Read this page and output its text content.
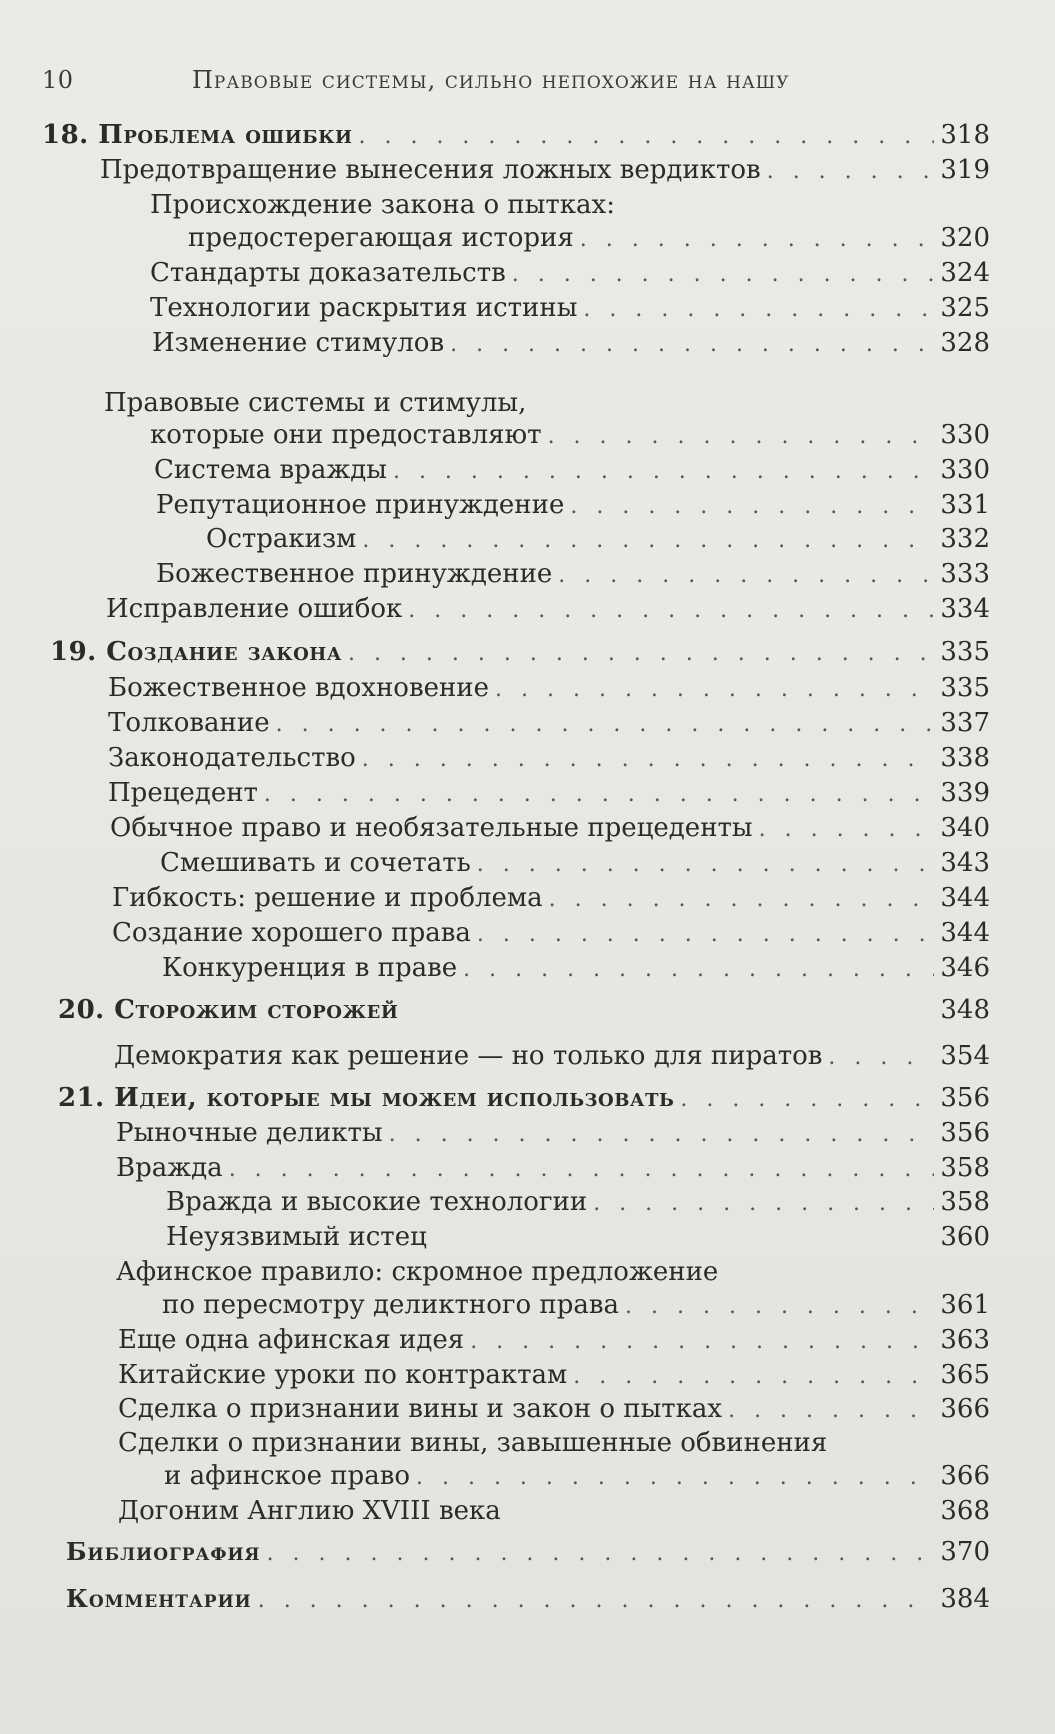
10	Правовые системы, сильно непохожие на нашу
18. Проблема ошибки . . .	318
Предотвращение вынесения ложных вердиктов . . .	319
Происхождение закона о пытках:
предостерегающая история . . .	320
Стандарты доказательств . . .	324
Технологии раскрытия истины . . .	325
Изменение стимулов . . .	328
Правовые системы и стимулы,
которые они предоставляют . . .	330
Система вражды . . .	330
Репутационное принуждение . . .	331
Остракизм . . .	332
Божественное принуждение . . .	333
Исправление ошибок . . .	334
19. Создание закона . . .	335
Божественное вдохновение . . .	335
Толкование . . .	337
Законодательство . . .	338
Прецедент . . .	339
Обычное право и необязательные прецеденты . . .	340
Смешивать и сочетать . . .	343
Гибкость: решение и проблема . . .	344
Создание хорошего права . . .	344
Конкуренция в праве . . .	346
20. Сторожим сторожей	348
Демократия как решение — но только для пиратов . . .	354
21. Идеи, которые мы можем использовать . . .	356
Рыночные деликты . . .	356
Вражда . . .	358
Вражда и высокие технологии . . .	358
Неуязвимый истец	360
Афинское правило: скромное предложение
по пересмотру деликтного права . . .	361
Еще одна афинская идея . . .	363
Китайские уроки по контрактам . . .	365
Сделка о признании вины и закон о пытках . . .	366
Сделки о признании вины, завышенные обвинения
и афинское право . . .	366
Догоним Англию XVIII века	368
Библиография . . .	370
Комментарии . . .	384
